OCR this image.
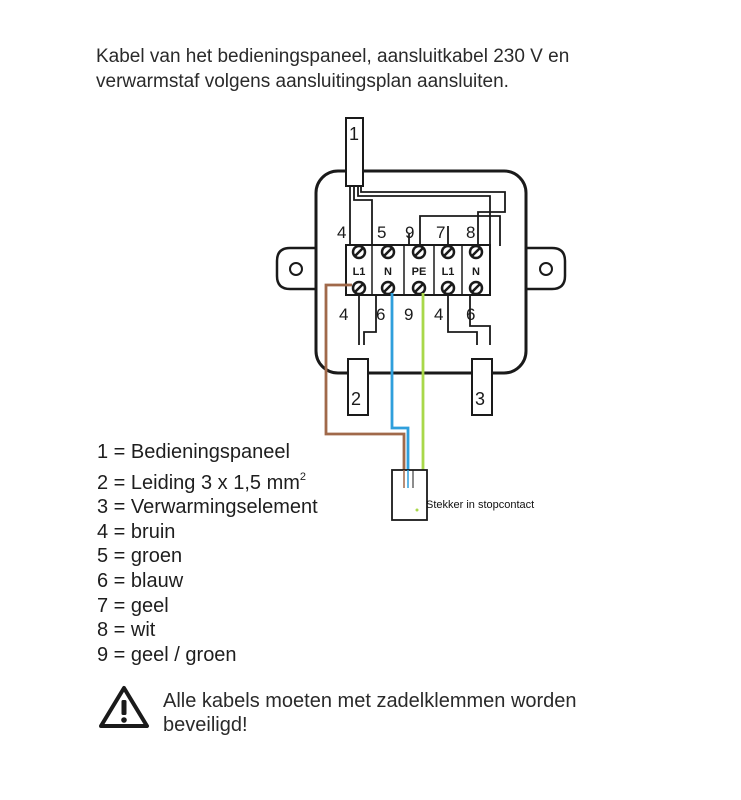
Kabel van het bedieningspaneel, aansluitkabel 230 V en
verwarmstaf volgens aansluitingsplan aansluiten.
1
4 5 9 7 8
L1 N PE L1 N
4 6 9 4 6
2	3
Stekker in stopcontact
1 = Bedieningspaneel
2 = Leiding 3 x 1,5 $mm^2$
3 = Verwarmingselement
4 = bruin
5 = groen
6 = blauw
7 = geel
8 = wit
9 = geel / groen
Alle kabels moeten met zadelklemmen worden
beveiligd!
